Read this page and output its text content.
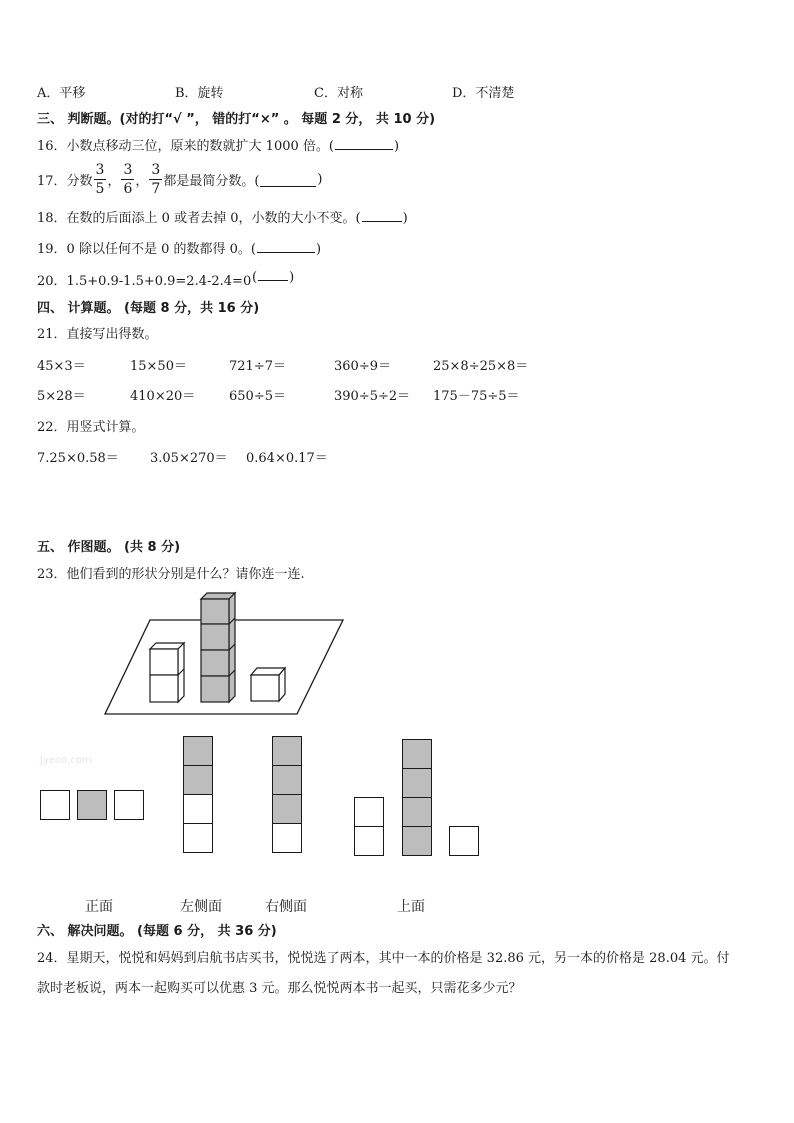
A．平移	B．旋转	C．对称	D．不清楚
三、 判断题。(对的打“√ ”， 错的打“×” 。 每题 2 分， 共 10 分)
16．小数点移动三位，原来的数就扩大 1000 倍。(	)
17．分数 $\frac{3}{5}$ ， $\frac{3}{6}$ ， $\frac{3}{7}$ 都是最简分数。(	)
18．在数的后面添上 0 或者去掉 0，小数的大小不变。(	)
19．0 除以任何不是 0 的数都得 0。(	)
20．1.5+0.9-1.5+0.9=2.4-2.4=0 ( )
四、 计算题。 (每题 8 分，共 16 分)
21．直接写出得数。
45×3＝	15×50＝	721÷7＝	360÷9＝	25×8÷25×8＝
5×28＝	410×20＝	650÷5＝	390÷5÷2＝ 175－75÷5＝
22．用竖式计算。
7.25×0.58＝ 3.05×270＝ 0.64×0.17＝
五、 作图题。 (共 8 分)
23．他们看到的形状分别是什么？请你连一连.
Jyeoo.com
正面	左侧面	右侧面	上面
六、 解决问题。 (每题 6 分， 共 36 分)
24．星期天，悦悦和妈妈到启航书店买书，悦悦选了两本，其中一本的价格是 32.86 元，另一本的价格是 28.04 元。付
款时老板说，两本一起购买可以优惠 3 元。那么悦悦两本书一起买，只需花多少元？
